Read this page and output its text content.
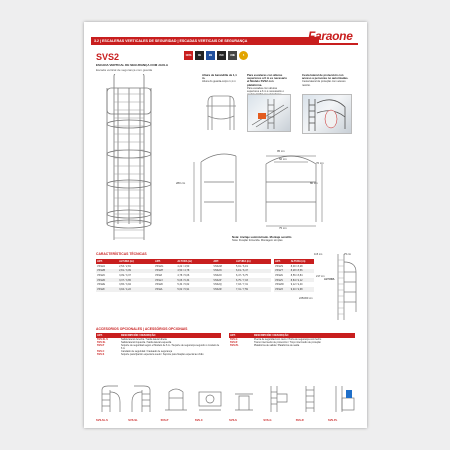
3.2 | ESCALERAS VERTICALES DE SEGURIDAD | ESCADAS VERTICAIS DE SEGURANÇA	Faraone
SVS2
ESCADA VERTICAL DE SEGURANÇA COM JAULA
Escada vertical de segurança com guarda
100%	CE	EN	ISO	UNE	5
Altura de barandilla de 1,1 m.
Altura do guarda-corpo 1,1 m
Para escaleras con alturas superiores a 6 m es necesario el Modelo SVS2 con plataforma.
Para escadas com alturas superiores a 6 m é necessário o
Cesta lateral de protección con acceso a personas no autorizadas.
Cesta lateral de proteção com acesso restrito.
95 cm
56 cm
75 cm
80 cm
280 cm
70 cm
Nota: Anclaje suministrado. Montaje sencillo
Nota: Fixação fornecida. Montagem simples
CARACTERÍSTICAS TÉCNICAS
ART.	ALTURA (m)	ART.	ALTURA (m)	ART.	ALTURA (m)
VSS2A	2,53 / 2,81	VSS2G	4,22 / 4,50	VSS2M	5,91 / 6,19
VSS2B	2,81 / 3,09	VSS2H	4,50 / 4,78	VSS2N	6,19 / 6,47
VSS2C	3,09 / 3,37	VSS2I	4,78 / 5,06	VSS2O	6,47 / 6,75
VSS2D	3,37 / 3,65	VSS2J	5,06 / 5,34	VSS2P	6,75 / 7,03
VSS2E	3,65 / 3,94	VSS2K	5,34 / 5,62	VSS2Q	7,03 / 7,31
VSS2F	3,94 / 4,22	VSS2L	5,62 / 5,91	VSS2R	7,31 / 7,59
ART.	ALTURA (m)
VSS2S	8,00 / 8,28
VSS2T	8,28 / 8,56
VSS2U	8,56 / 8,84
VSS2V	8,84 / 9,12
VSS2W	9,12 / 9,40
VSS2X	9,40 / 9,68
115 cm	75 cm
217 cm
225/300 cm
ALTURA
ACCESORIOS OPCIONALES | ACESSÓRIOS OPCIONAIS
ART.	DESCRIPCIÓN / DESCRIÇÃO
SVS-SL.S	Salida lateral derecha / Saída lateral direita
SVS-SL	Salida lateral izquierda / Saída lateral esquerda
SVS-P	Soporte de seguridad según el Modelo de 6 m / Suporte de segurança segundo o modelo de 6 m
SVS-C	Candado de seguridad / Cadeado de segurança
SVS-S	Soporte para fijación especial a suelo / Suporte para fixação especial ao chão
ART.	DESCRIPCIÓN / DESCRIÇÃO
SVS-G	Puerta de seguridad con cierre / Porta de segurança com fecho
SVS-R	Tramo intermedio de protección / Troço intermédio de proteção
SVS-PL	Plataforma de salida / Plataforma de saída
SVS-SL.S	SVS-SL	SVS-P	SVS-C	SVS-S	SVS-G	SVS-R	SVS-PL
